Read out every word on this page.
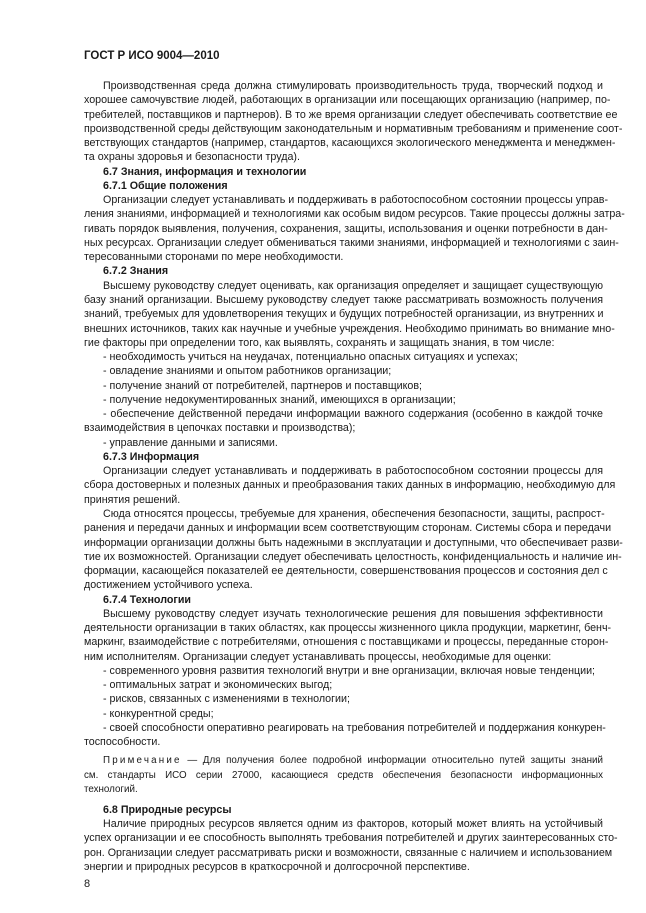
ГОСТ Р ИСО 9004—2010
Производственная среда должна стимулировать производительность труда, творческий подход и
хорошее самочувствие людей, работающих в организации или посещающих организацию (например, по-
требителей, поставщиков и партнеров). В то же время организации следует обеспечивать соответствие ее
производственной среды действующим законодательным и нормативным требованиям и применение соот-
ветствующих стандартов (например, стандартов, касающихся экологического менеджмента и менеджмен-
та охраны здоровья и безопасности труда).
6.7 Знания, информация и технологии
6.7.1 Общие положения
Организации следует устанавливать и поддерживать в работоспособном состоянии процессы управ-
ления знаниями, информацией и технологиями как особым видом ресурсов. Такие процессы должны затра-
гивать порядок выявления, получения, сохранения, защиты, использования и оценки потребности в дан-
ных ресурсах. Организации следует обмениваться такими знаниями, информацией и технологиями с заин-
тересованными сторонами по мере необходимости.
6.7.2 Знания
Высшему руководству следует оценивать, как организация определяет и защищает существующую
базу знаний организации. Высшему руководству следует также рассматривать возможность получения
знаний, требуемых для удовлетворения текущих и будущих потребностей организации, из внутренних и
внешних источников, таких как научные и учебные учреждения. Необходимо принимать во внимание мно-
гие факторы при определении того, как выявлять, сохранять и защищать знания, в том числе:
- необходимость учиться на неудачах, потенциально опасных ситуациях и успехах;
- овладение знаниями и опытом работников организации;
- получение знаний от потребителей, партнеров и поставщиков;
- получение недокументированных знаний, имеющихся в организации;
- обеспечение действенной передачи информации важного содержания (особенно в каждой точке
взаимодействия в цепочках поставки и производства);
- управление данными и записями.
6.7.3 Информация
Организации следует устанавливать и поддерживать в работоспособном состоянии процессы для
сбора достоверных и полезных данных и преобразования таких данных в информацию, необходимую для
принятия решений.
Сюда относятся процессы, требуемые для хранения, обеспечения безопасности, защиты, распрост-
ранения и передачи данных и информации всем соответствующим сторонам. Системы сбора и передачи
информации организации должны быть надежными в эксплуатации и доступными, что обеспечивает разви-
тие их возможностей. Организации следует обеспечивать целостность, конфиденциальность и наличие ин-
формации, касающейся показателей ее деятельности, совершенствования процессов и состояния дел с
достижением устойчивого успеха.
6.7.4 Технологии
Высшему руководству следует изучать технологические решения для повышения эффективности
деятельности организации в таких областях, как процессы жизненного цикла продукции, маркетинг, бенч-
маркинг, взаимодействие с потребителями, отношения с поставщиками и процессы, переданные сторон-
ним исполнителям. Организации следует устанавливать процессы, необходимые для оценки:
- современного уровня развития технологий внутри и вне организации, включая новые тенденции;
- оптимальных затрат и экономических выгод;
- рисков, связанных с изменениями в технологии;
- конкурентной среды;
- своей способности оперативно реагировать на требования потребителей и поддержания конкурен-
тоспособности.
Примечание — Для получения более подробной информации относительно путей защиты знаний
см. стандарты ИСО серии 27000, касающиеся средств обеспечения безопасности информационных
технологий.
6.8 Природные ресурсы
Наличие природных ресурсов является одним из факторов, который может влиять на устойчивый
успех организации и ее способность выполнять требования потребителей и других заинтересованных сто-
рон. Организации следует рассматривать риски и возможности, связанные с наличием и использованием
энергии и природных ресурсов в краткосрочной и долгосрочной перспективе.
8
